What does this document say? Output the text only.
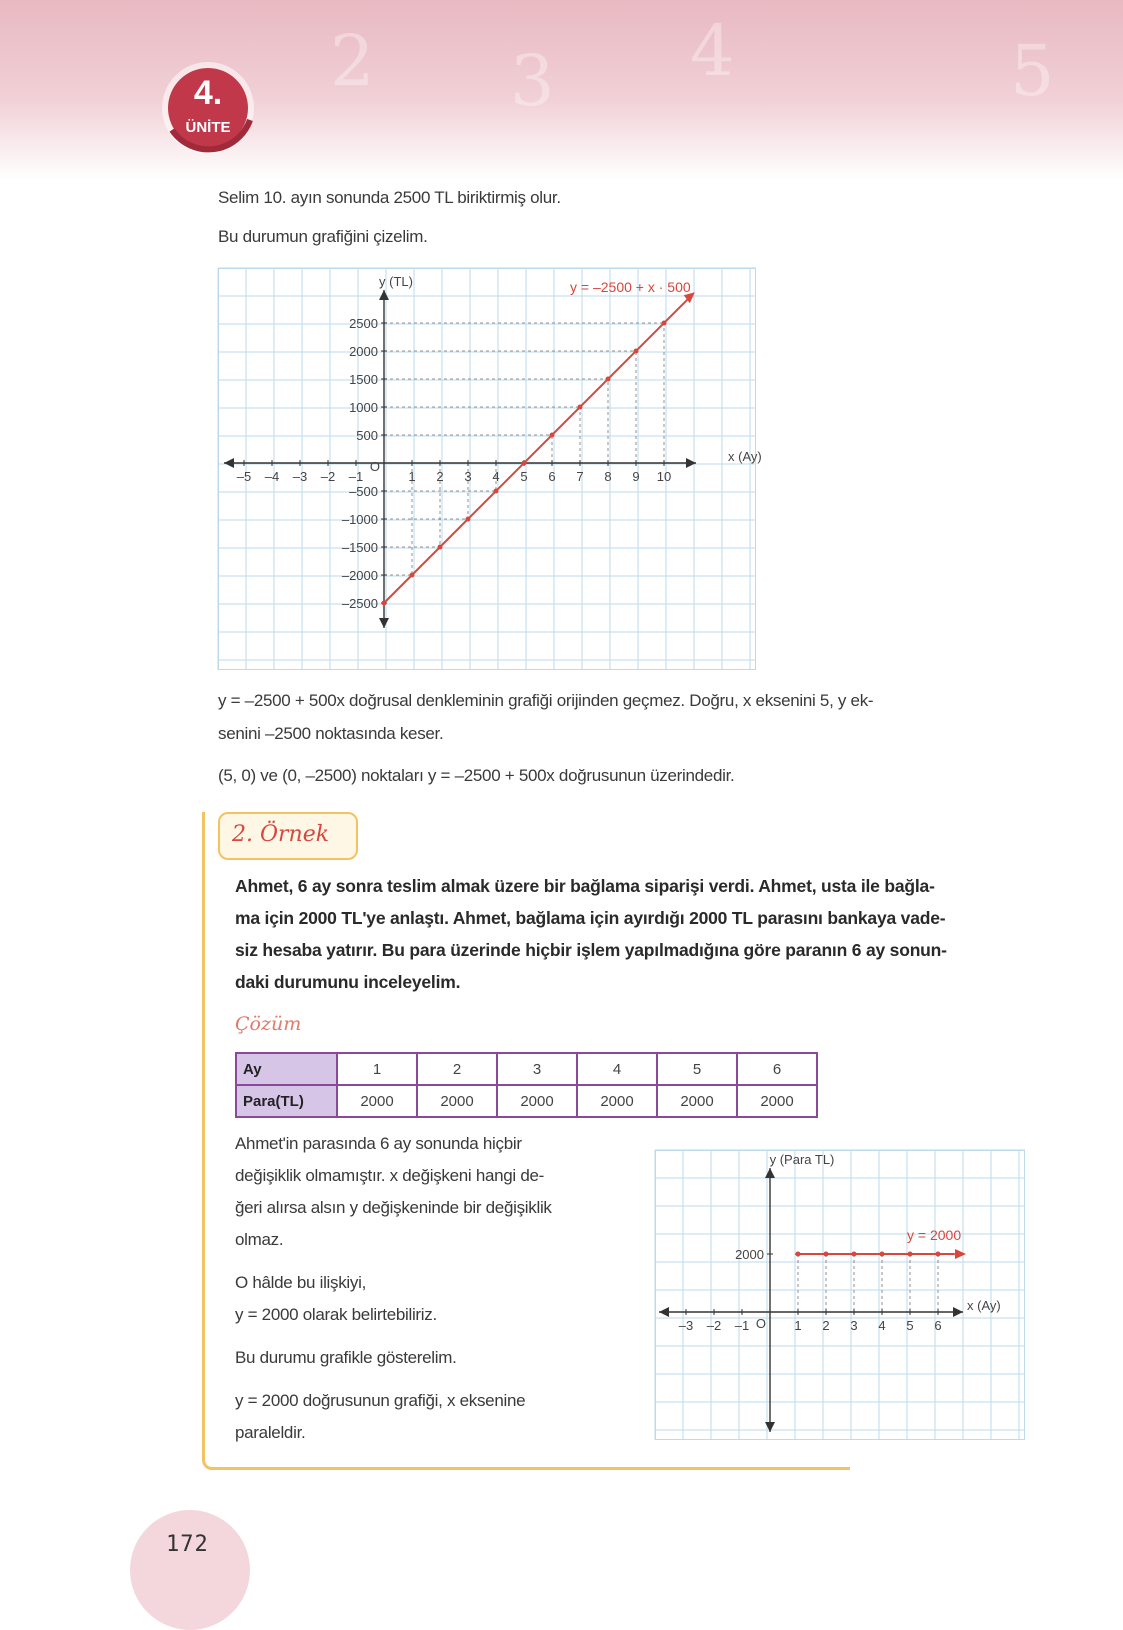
2 3 4	5
4.
ÜNİTE
Selim 10. ayın sonunda 2500 TL biriktirmiş olur.
Bu durumun grafiğini çizelim.
–5 –4 –3 –2 –1	1 2 3 4 5 6 7 8 9 10
2500
2000
1500
1000
500
–500
–1000
–1500
–2000
–2500
y (TL)
x (Ay)
y = –2500 + x · 500
O
y = –2500 + 500x doğrusal denkleminin grafiği orijinden geçmez. Doğru, x eksenini 5, y ek-
senini –2500 noktasında keser.
(5, 0) ve (0, –2500) noktaları y = –2500 + 500x doğrusunun üzerindedir.
2. Örnek
Ahmet, 6 ay sonra teslim almak üzere bir bağlama siparişi verdi. Ahmet, usta ile bağla-
ma için 2000 TL'ye anlaştı. Ahmet, bağlama için ayırdığı 2000 TL parasını bankaya vade-
siz hesaba yatırır. Bu para üzerinde hiçbir işlem yapılmadığına göre paranın 6 ay sonun-
daki durumunu inceleyelim.
Çözüm
Ay	1	2	3	4	5	6
Para(TL)	2000	2000	2000	2000	2000	2000
Ahmet'in parasında 6 ay sonunda hiçbir
değişiklik olmamıştır. x değişkeni hangi de-
ğeri alırsa alsın y değişkeninde bir değişiklik
olmaz.
O hâlde bu ilişkiyi,
y = 2000 olarak belirtebiliriz.
Bu durumu grafikle gösterelim.
y = 2000 doğrusunun grafiği, x eksenine
paraleldir.
–3 –2 –1	1 2 3 4 5 6
y (Para TL)
x (Ay)
y = 2000
O
2000
172
